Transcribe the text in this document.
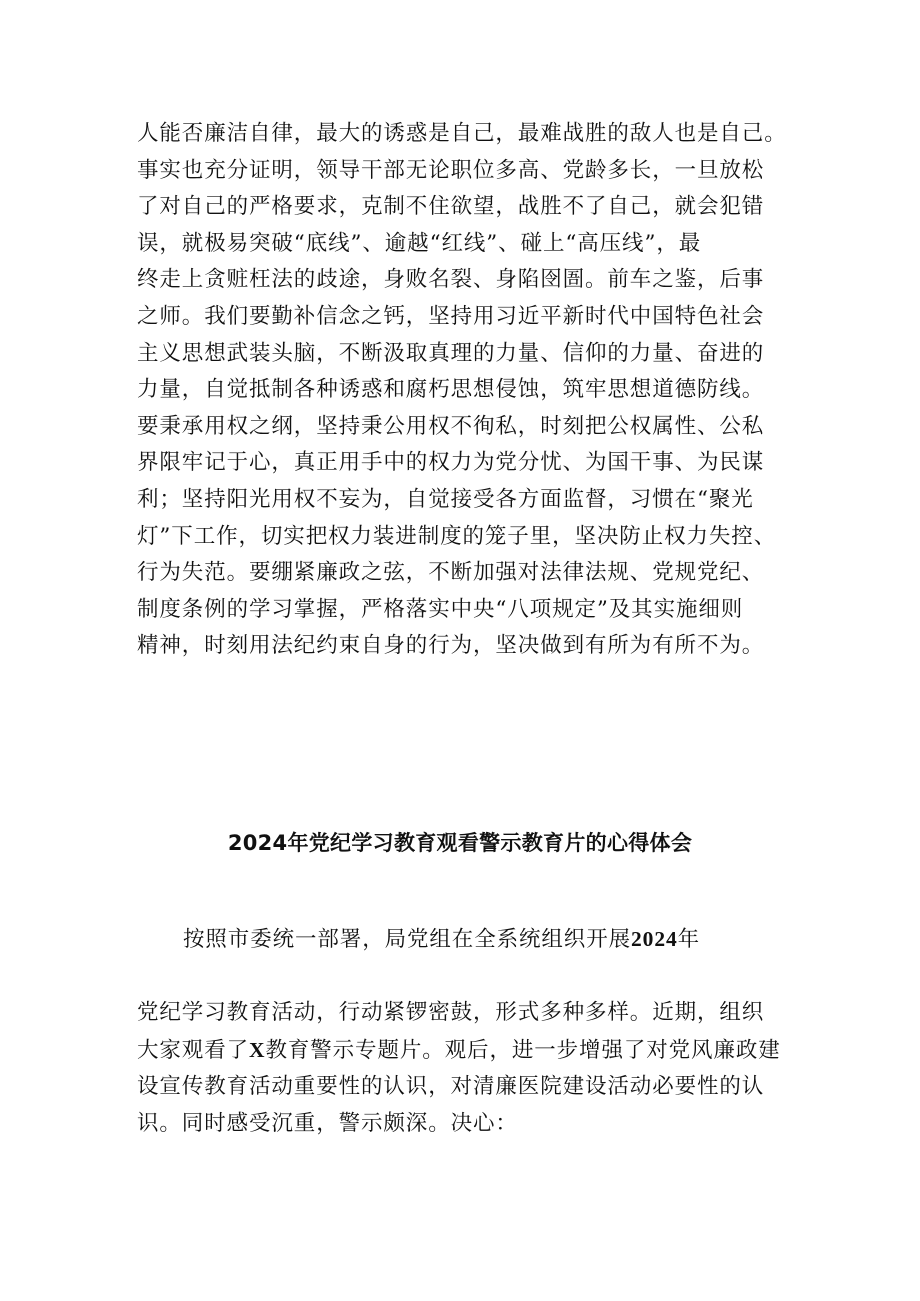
人能否廉洁自律，最大的诱惑是自己，最难战胜的敌人也是自己。
事实也充分证明，领导干部无论职位多高、党龄多长，一旦放松
了对自己的严格要求，克制不住欲望，战胜不了自己，就会犯错
误，就极易突破“底线”、逾越“红线”、碰上“高压线”，最
终走上贪赃枉法的歧途，身败名裂、身陷囹圄。前车之鉴，后事
之师。我们要勤补信念之钙，坚持用习近平新时代中国特色社会
主义思想武装头脑，不断汲取真理的力量、信仰的力量、奋进的
力量，自觉抵制各种诱惑和腐朽思想侵蚀，筑牢思想道德防线。
要秉承用权之纲，坚持秉公用权不徇私，时刻把公权属性、公私
界限牢记于心，真正用手中的权力为党分忧、为国干事、为民谋
利；坚持阳光用权不妄为，自觉接受各方面监督，习惯在“聚光
灯”下工作，切实把权力装进制度的笼子里，坚决防止权力失控、
行为失范。要绷紧廉政之弦，不断加强对法律法规、党规党纪、
制度条例的学习掌握，严格落实中央“八项规定”及其实施细则
精神，时刻用法纪约束自身的行为，坚决做到有所为有所不为。
2024年党纪学习教育观看警示教育片的心得体会

按照市委统一部署，局党组在全系统组织开展2024年

党纪学习教育活动，行动紧锣密鼓，形式多种多样。近期，组织
大家观看了X教育警示专题片。观后，进一步增强了对党风廉政建
设宣传教育活动重要性的认识，对清廉医院建设活动必要性的认
识。同时感受沉重，警示颇深。决心：
